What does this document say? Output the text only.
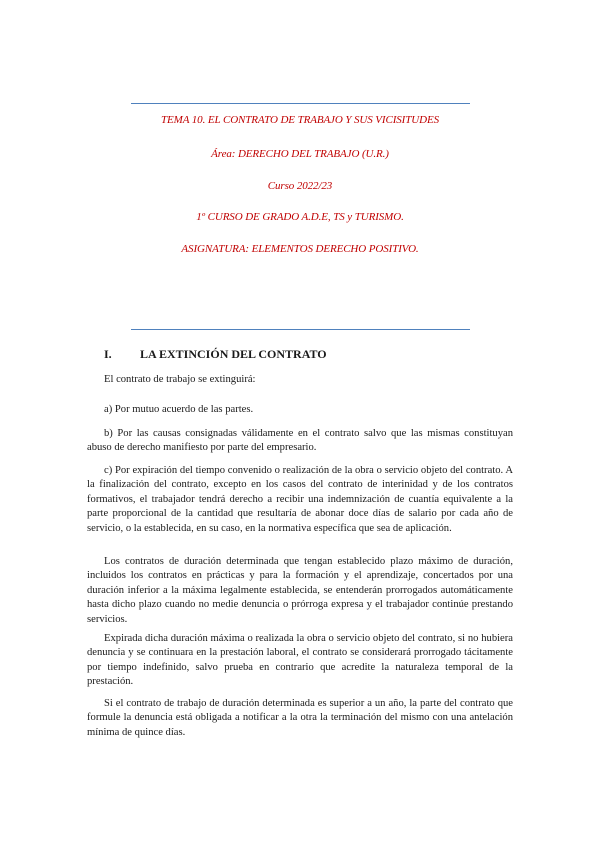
TEMA 10. EL CONTRATO DE TRABAJO Y SUS VICISITUDES
Área: DERECHO DEL TRABAJO (U.R.)
Curso 2022/23
1º CURSO DE GRADO A.D.E, TS y TURISMO.
ASIGNATURA: ELEMENTOS DERECHO POSITIVO.
I. LA EXTINCIÓN DEL CONTRATO
El contrato de trabajo se extinguirá:
a) Por mutuo acuerdo de las partes.
b) Por las causas consignadas válidamente en el contrato salvo que las mismas constituyan abuso de derecho manifiesto por parte del empresario.
c) Por expiración del tiempo convenido o realización de la obra o servicio objeto del contrato. A la finalización del contrato, excepto en los casos del contrato de interinidad y de los contratos formativos, el trabajador tendrá derecho a recibir una indemnización de cuantía equivalente a la parte proporcional de la cantidad que resultaría de abonar doce días de salario por cada año de servicio, o la establecida, en su caso, en la normativa específica que sea de aplicación.
Los contratos de duración determinada que tengan establecido plazo máximo de duración, incluidos los contratos en prácticas y para la formación y el aprendizaje, concertados por una duración inferior a la máxima legalmente establecida, se entenderán prorrogados automáticamente hasta dicho plazo cuando no medie denuncia o prórroga expresa y el trabajador continúe prestando servicios.
Expirada dicha duración máxima o realizada la obra o servicio objeto del contrato, si no hubiera denuncia y se continuara en la prestación laboral, el contrato se considerará prorrogado tácitamente por tiempo indefinido, salvo prueba en contrario que acredite la naturaleza temporal de la prestación.
Si el contrato de trabajo de duración determinada es superior a un año, la parte del contrato que formule la denuncia está obligada a notificar a la otra la terminación del mismo con una antelación mínima de quince días.
